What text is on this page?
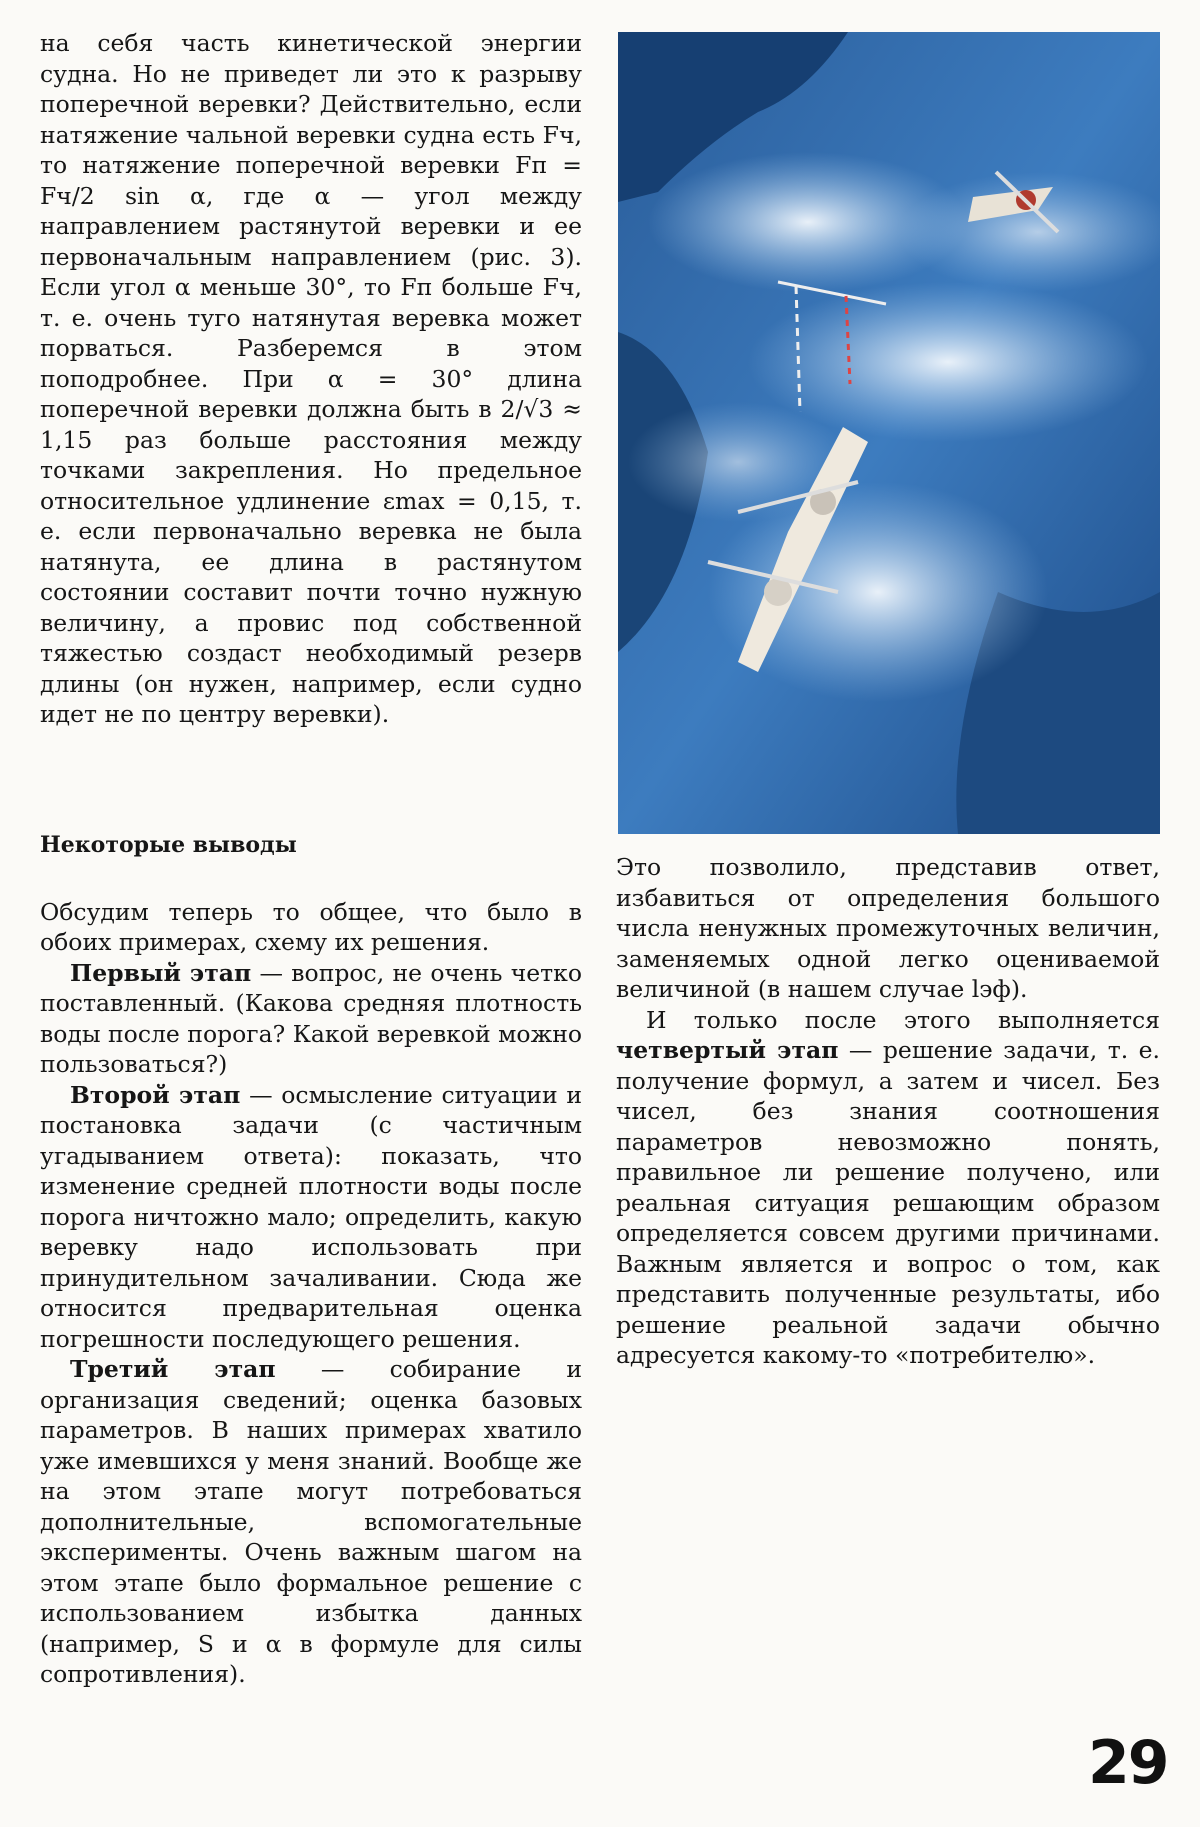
на себя часть кинетической энергии судна. Но не приведет ли это к разрыву поперечной веревки? Действительно, если натяжение чальной веревки судна есть Fч, то натяжение поперечной веревки Fп = Fч/2 sin α, где α — угол между направлением растянутой веревки и ее первоначальным направлением (рис. 3). Если угол α меньше 30°, то Fп больше Fч, т. е. очень туго натянутая веревка может порваться. Разберемся в этом поподробнее. При α = 30° длина поперечной веревки должна быть в 2/√3 ≈ 1,15 раз больше расстояния между точками закрепления. Но предельное относительное удлинение εmax = 0,15, т. е. если первоначально веревка не была натянута, ее длина в растянутом состоянии составит почти точно нужную величину, а провис под собственной тяжестью создаст необходимый резерв длины (он нужен, например, если судно идет не по центру веревки).

Некоторые выводы

Обсудим теперь то общее, что было в обоих примерах, схему их решения.

Первый этап — вопрос, не очень четко поставленный. (Какова средняя плотность воды после порога? Какой веревкой можно пользоваться?)

Второй этап — осмысление ситуации и постановка задачи (с частичным угадыванием ответа): показать, что изменение средней плотности воды после порога ничтожно мало; определить, какую веревку надо использовать при принудительном зачаливании. Сюда же относится предварительная оценка погрешности последующего решения.

Третий этап — собирание и организация сведений; оценка базовых параметров. В наших примерах хватило уже имевшихся у меня знаний. Вообще же на этом этапе могут потребоваться дополнительные, вспомогательные эксперименты. Очень важным шагом на этом этапе было формальное решение с использованием избытка данных (например, S и α в формуле для силы сопротивления).

Это позволило, представив ответ, избавиться от определения большого числа ненужных промежуточных величин, заменяемых одной легко оцениваемой величиной (в нашем случае lэф).

И только после этого выполняется четвертый этап — решение задачи, т. е. получение формул, а затем и чисел. Без чисел, без знания соотношения параметров невозможно понять, правильное ли решение получено, или реальная ситуация решающим образом определяется совсем другими причинами. Важным является и вопрос о том, как представить полученные результаты, ибо решение реальной задачи обычно адресуется какому-то «потребителю».

29
